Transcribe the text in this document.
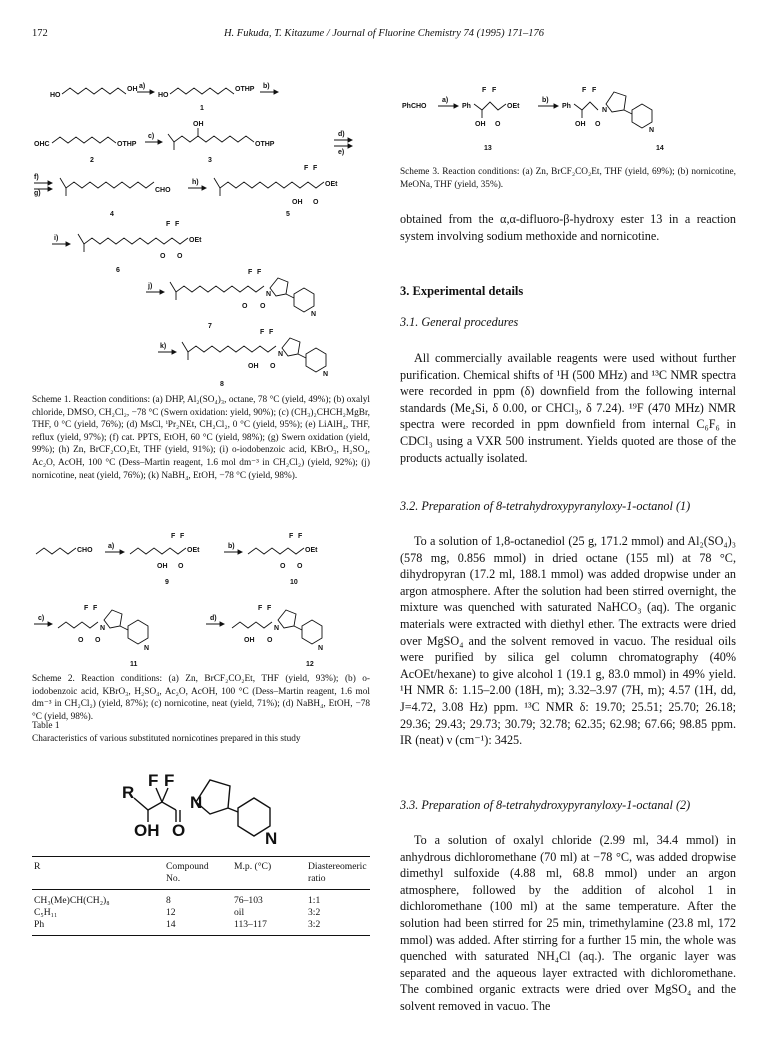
172	H. Fukuda, T. Kitazume / Journal of Fluorine Chemistry 74 (1995) 171–176
HO
OH a)
HO
OTHP b)
1
OHC	OTHP
c)
OH
OTHP
3
2
d)
e)
f)
g)	CHO
h)
F F
OEt
OH O
4	5
i)
F F
OEt
O O
6
j)
F F
N
N
O O
7
k)
F F
N
N
OH O
8
Scheme 1. Reaction conditions: (a) DHP, Al₂(SO₄)₃, octane, 78 °C (yield, 49%); (b) oxalyl chloride, DMSO, CH₂Cl₂, −78 °C (Swern oxidation: yield, 90%); (c) (CH₃)₂CHCH₂MgBr, THF, 0 °C (yield, 76%); (d) MsCl, ⁱPr₂NEt, CH₂Cl₂, 0 °C (yield, 95%); (e) LiAlH₄, THF, reflux (yield, 97%); (f) cat. PPTS, EtOH, 60 °C (yield, 98%); (g) Swern oxidation (yield, 99%); (h) Zn, BrCF₂CO₂Et, THF (yield, 91%); (i) o-iodobenzoic acid, KBrO₃, H₂SO₄, Ac₂O, AcOH, 100 °C (Dess–Martin reagent, 1.6 mol dm⁻³ in CH₂Cl₂) (yield, 92%); (j) nornicotine, neat (yield, 76%); (k) NaBH₄, EtOH, −78 °C (yield, 98%).
CHO
a)
F F
OEt
OH O
b)
F F
OEt
O O
9	10
c)
F F
N
N
O O
d)
F F
N
N
OH O
11	12
Scheme 2. Reaction conditions: (a) Zn, BrCF₂CO₂Et, THF (yield, 93%); (b) o-iodobenzoic acid, KBrO₃, H₂SO₄, Ac₂O, AcOH, 100 °C (Dess–Martin reagent, 1.6 mol dm⁻³ in CH₂Cl₂) (yield, 87%); (c) nornicotine, neat (yield, 71%); (d) NaBH₄, EtOH, −78 °C (yield, 98%).
Table 1
Characteristics of various substituted nornicotines prepared in this study
R
OH
F F
O
N
N
R	Compound	M.p. (°C)	Diastereomeric
	No.		ratio
CH₃(Me)CH(CH₂)₈	8	76–103	1:1
C₅H₁₁	12	oil	3:2
Ph	14	113–117	3:2
PhCHO
a)
Ph
F F
OEt
OH O
b)
Ph
F F
N
N
OH O
13	14
Scheme 3. Reaction conditions: (a) Zn, BrCF₂CO₂Et, THF (yield, 69%); (b) nornicotine, MeONa, THF (yield, 35%).
obtained from the α,α-difluoro-β-hydroxy ester 13 in a reaction system involving sodium methoxide and nornicotine.
3. Experimental details
3.1. General procedures
All commercially available reagents were used without further purification. Chemical shifts of ¹H (500 MHz) and ¹³C NMR spectra were recorded in ppm (δ) downfield from the following internal standards (Me₄Si, δ 0.00, or CHCl₃, δ 7.24). ¹⁹F (470 MHz) NMR spectra were recorded in ppm downfield from internal C₆F₆ in CDCl₃ using a VXR 500 instrument. Yields quoted are those of the products actually isolated.
3.2. Preparation of 8-tetrahydroxypyranyloxy-1-octanol (1)
To a solution of 1,8-octanediol (25 g, 171.2 mmol) and Al₂(SO₄)₃ (578 mg, 0.856 mmol) in dried octane (155 ml) at 78 °C, dihydropyran (17.2 ml, 188.1 mmol) was added dropwise under an argon atmosphere. After the solution had been stirred overnight, the mixture was quenched with saturated NaHCO₃ (aq). The organic materials were extracted with diethyl ether. The extracts were dried over MgSO₄ and the solvent removed in vacuo. The residual oils were purified by silica gel column chromatography (40% AcOEt/hexane) to give alcohol 1 (19.1 g, 83.0 mmol) in 49% yield. ¹H NMR δ: 1.15–2.00 (18H, m); 3.32–3.97 (7H, m); 4.57 (1H, dd, J=4.72, 3.08 Hz) ppm. ¹³C NMR δ: 19.70; 25.51; 25.70; 26.18; 29.36; 29.43; 29.73; 30.79; 32.78; 62.35; 62.98; 67.66; 98.85 ppm. IR (neat) ν (cm⁻¹): 3425.
3.3. Preparation of 8-tetrahydroxypyranyloxy-1-octanal (2)
To a solution of oxalyl chloride (2.99 ml, 34.4 mmol) in anhydrous dichloromethane (70 ml) at −78 °C, was added dropwise dimethyl sulfoxide (4.88 ml, 68.8 mmol) under an argon atmosphere, followed by the addition of alcohol 1 in dichloromethane (100 ml) at the same temperature. After the solution had been stirred for 25 min, trimethylamine (23.8 ml, 172 mmol) was added. After stirring for a further 15 min, the whole was quenched with saturated NH₄Cl (aq.). The organic layer was separated and the aqueous layer extracted with dichloromethane. The combined organic extracts were dried over MgSO₄ and the solvent removed in vacuo. The
